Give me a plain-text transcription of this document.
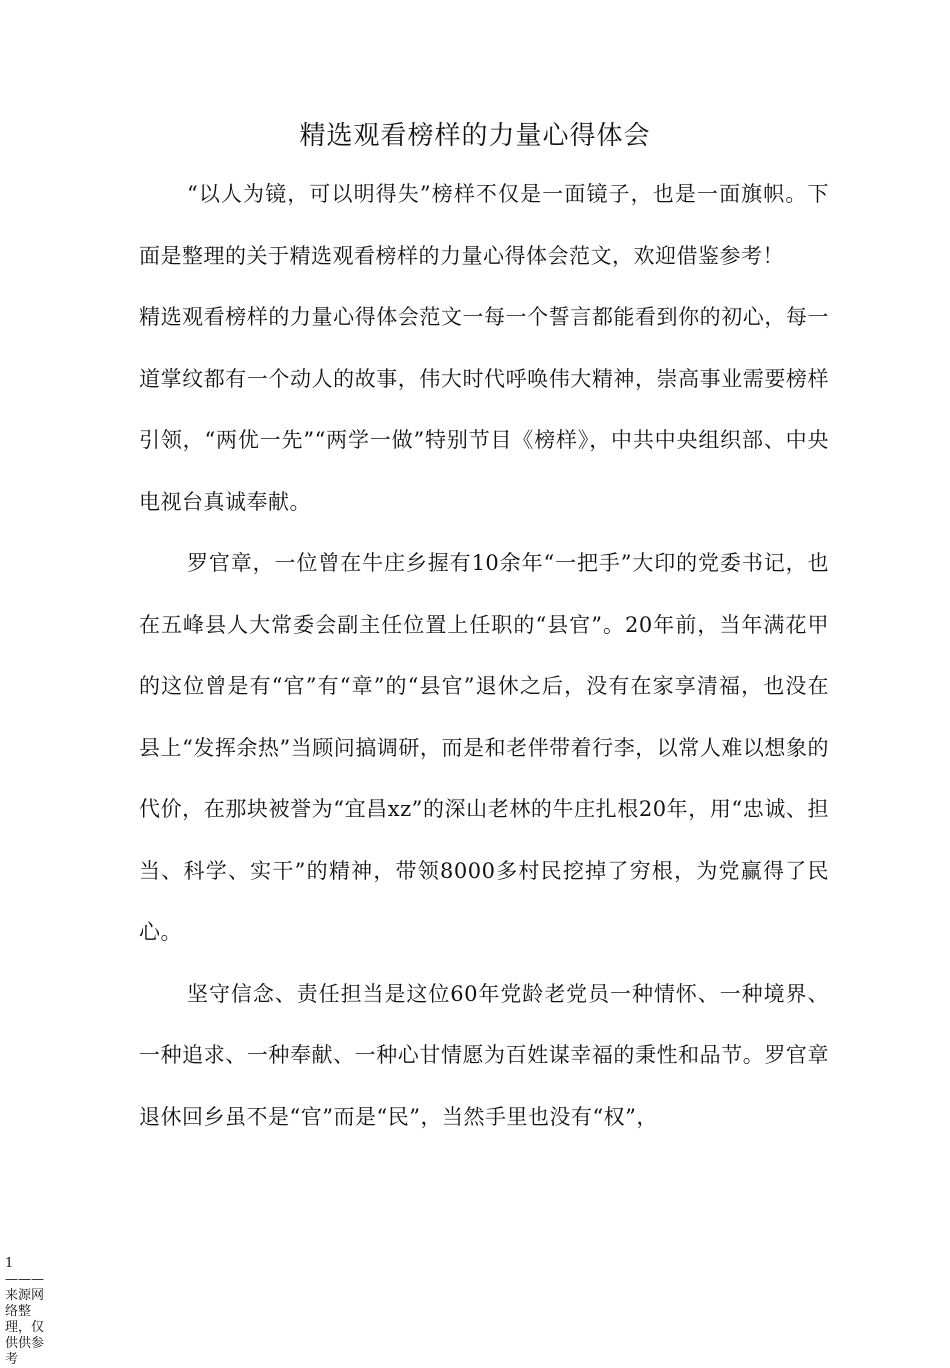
精选观看榜样的力量心得体会

“以人为镜，可以明得失”榜样不仅是一面镜子，也是一面旗帜。下面是整理的关于精选观看榜样的力量心得体会范文，欢迎借鉴参考！

精选观看榜样的力量心得体会范文一每一个誓言都能看到你的初心，每一道掌纹都有一个动人的故事，伟大时代呼唤伟大精神，崇高事业需要榜样引领，“两优一先”“两学一做”特别节目《榜样》，中共中央组织部、中央电视台真诚奉献。

罗官章，一位曾在牛庄乡握有10余年“一把手”大印的党委书记，也在五峰县人大常委会副主任位置上任职的“县官”。20年前，当年满花甲的这位曾是有“官”有“章”的“县官”退休之后，没有在家享清福，也没在县上“发挥余热”当顾问搞调研，而是和老伴带着行李，以常人难以想象的代价，在那块被誉为“宜昌xz”的深山老林的牛庄扎根20年，用“忠诚、担当、科学、实干”的精神，带领8000多村民挖掉了穷根，为党赢得了民心。

坚守信念、责任担当是这位60年党龄老党员一种情怀、一种境界、一种追求、一种奉献、一种心甘情愿为百姓谋幸福的秉性和品节。罗官章退休回乡虽不是“官”而是“民”，当然手里也没有“权”，

1———来源网络整理，仅供供参考
